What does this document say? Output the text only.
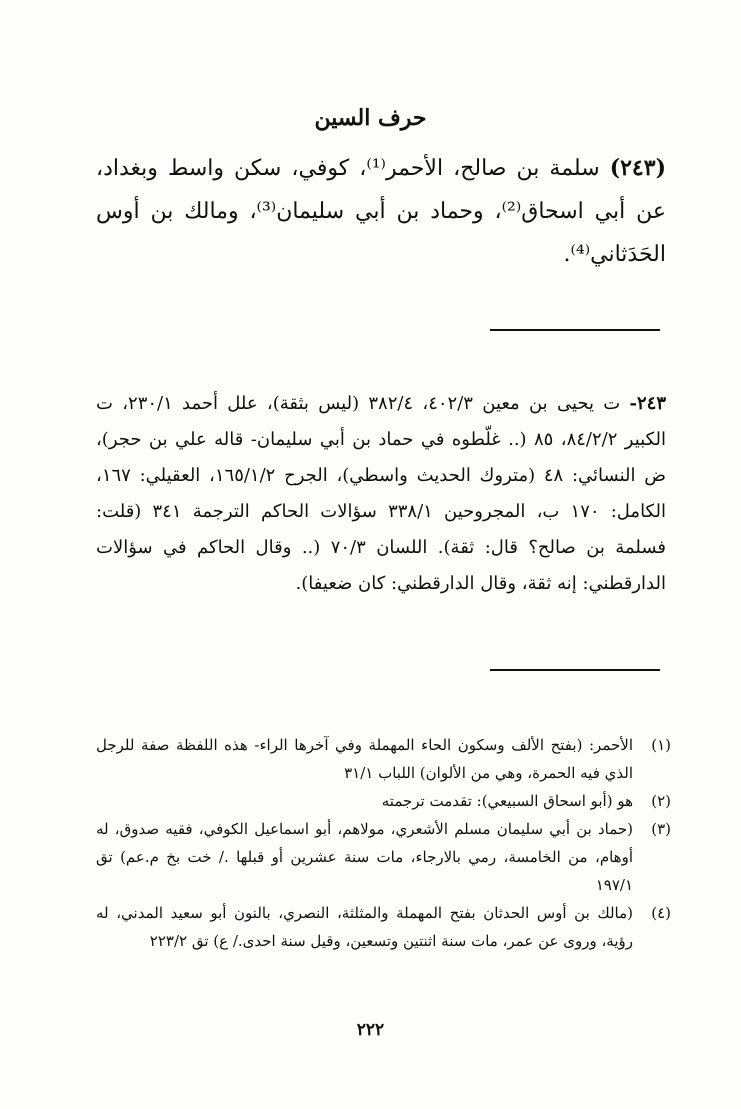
حرف السين
(٢٤٣) سلمة بن صالح، الأحمر⁽¹⁾، كوفي، سكن واسط وبغداد، عن أبي اسحاق⁽²⁾، وحماد بن أبي سليمان⁽³⁾، ومالك بن أوس الحَدَثاني⁽⁴⁾.
٢٤٣- ت يحيى بن معين ٤٠٢/٣، ٣٨٢/٤ (ليس بثقة)، علل أحمد ٢٣٠/١، ت الكبير ٨٤/٢/٢، ٨٥ (.. غلّطوه في حماد بن أبي سليمان- قاله علي بن حجر)، ض النسائي: ٤٨ (متروك الحديث واسطي)، الجرح ١٦٥/١/٢، العقيلي: ١٦٧، الكامل: ١٧٠ ب، المجروحين ٣٣٨/١ سؤالات الحاكم الترجمة ٣٤١ (قلت: فسلمة بن صالح؟ قال: ثقة). اللسان ٧٠/٣ (.. وقال الحاكم في سؤالات الدارقطني: إنه ثقة، وقال الدارقطني: كان ضعيفا).
(١)
الأحمر: (بفتح الألف وسكون الحاء المهملة وفي آخرها الراء- هذه اللفظة صفة للرجل الذي فيه الحمرة، وهي من الألوان) اللباب ٣١/١
(٢)
هو (أبو اسحاق السبيعي): تقدمت ترجمته
(٣)
(حماد بن أبي سليمان مسلم الأشعري، مولاهم، أبو اسماعيل الكوفي، فقيه صدوق، له أوهام، من الخامسة، رمي بالارجاء، مات سنة عشرين أو قبلها ./ خت بخ م.عم) تق ١٩٧/١
(٤)
(مالك بن أوس الحدثان بفتح المهملة والمثلثة، النصري، بالنون أبو سعيد المدني، له رؤية، وروى عن عمر، مات سنة اثنتين وتسعين، وقيل سنة احدى./ ع) تق ٢٢٣/٢
٢٢٢
